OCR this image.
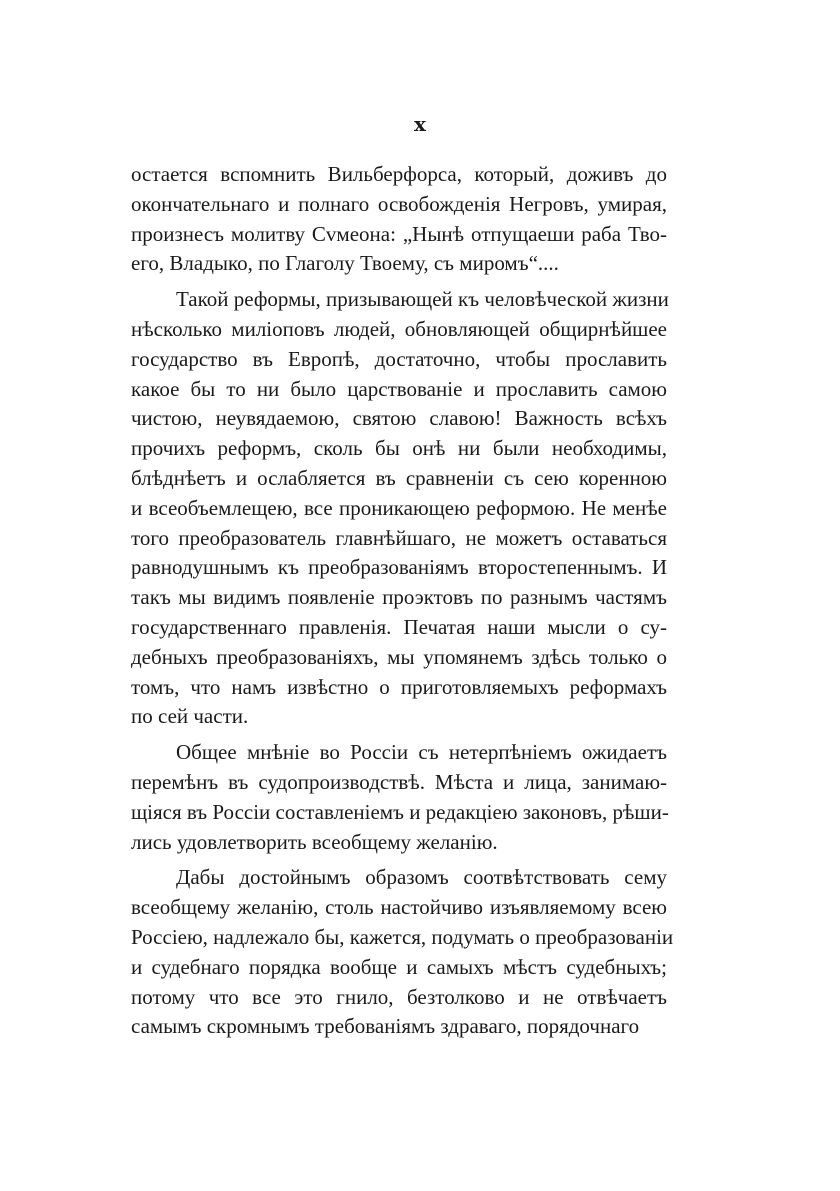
x
остается вспомнить Вильберфорса, который, доживъ до
окончательнаго и полнаго освобожденія Негровъ, умирая,
произнесъ молитву Сvмеона: „Нынѣ отпущаеши раба Тво-
его, Владыко, по Глаголу Твоему, съ миромъ“....
Такой реформы, призывающей къ человѣческой жизни
нѣсколько миліоповъ людей, обновляющей общирнѣйшее
государство въ Европѣ, достаточно, чтобы прославить
какое бы то ни было царствованіе и прославить самою
чистою, неувядаемою, святою славою! Важность всѣхъ
прочихъ реформъ, сколь бы онѣ ни были необходимы,
блѣднѣетъ и ослабляется въ сравненіи съ сею коренною
и всеобъемлещею, все проникающею реформою. Не менѣе
того преобразователь главнѣйшаго, не можетъ оставаться
равнодушнымъ къ преобразованіямъ второстепеннымъ. И
такъ мы видимъ появленіе проэктовъ по разнымъ частямъ
государственнаго правленія. Печатая наши мысли о су-
дебныхъ преобразованіяхъ, мы упомянемъ здѣсь только о
томъ, что намъ извѣстно о приготовляемыхъ реформахъ
по сей части.
Общее мнѣніе во Россіи съ нетерпѣніемъ ожидаетъ
перемѣнъ въ судопроизводствѣ. Мѣста и лица, занимаю-
щіяся въ Россіи составленіемъ и редакціею законовъ, рѣши-
лись удовлетворить всеобщему желанію.
Дабы достойнымъ образомъ соотвѣтствовать сему
всеобщему желанію, столь настойчиво изъявляемому всею
Россіею, надлежало бы, кажется, подумать о преобразованіи
и судебнаго порядка вообще и самыхъ мѣстъ судебныхъ;
потому что все это гнило, безтолково и не отвѣчаетъ
самымъ скромнымъ требованіямъ здраваго, порядочнаго
